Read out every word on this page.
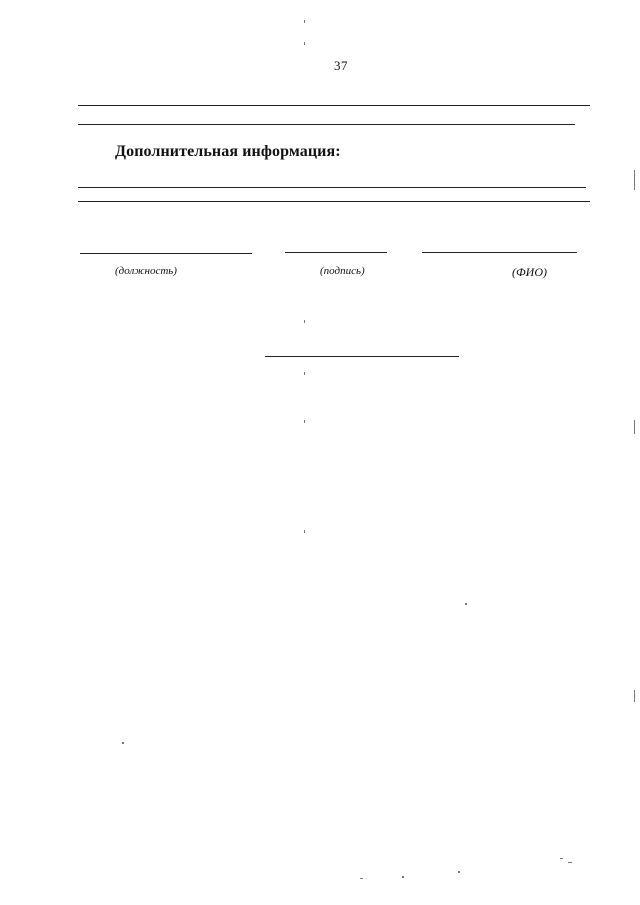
37
Дополнительная информация:
(должность)	(подпись)	(ФИО)
